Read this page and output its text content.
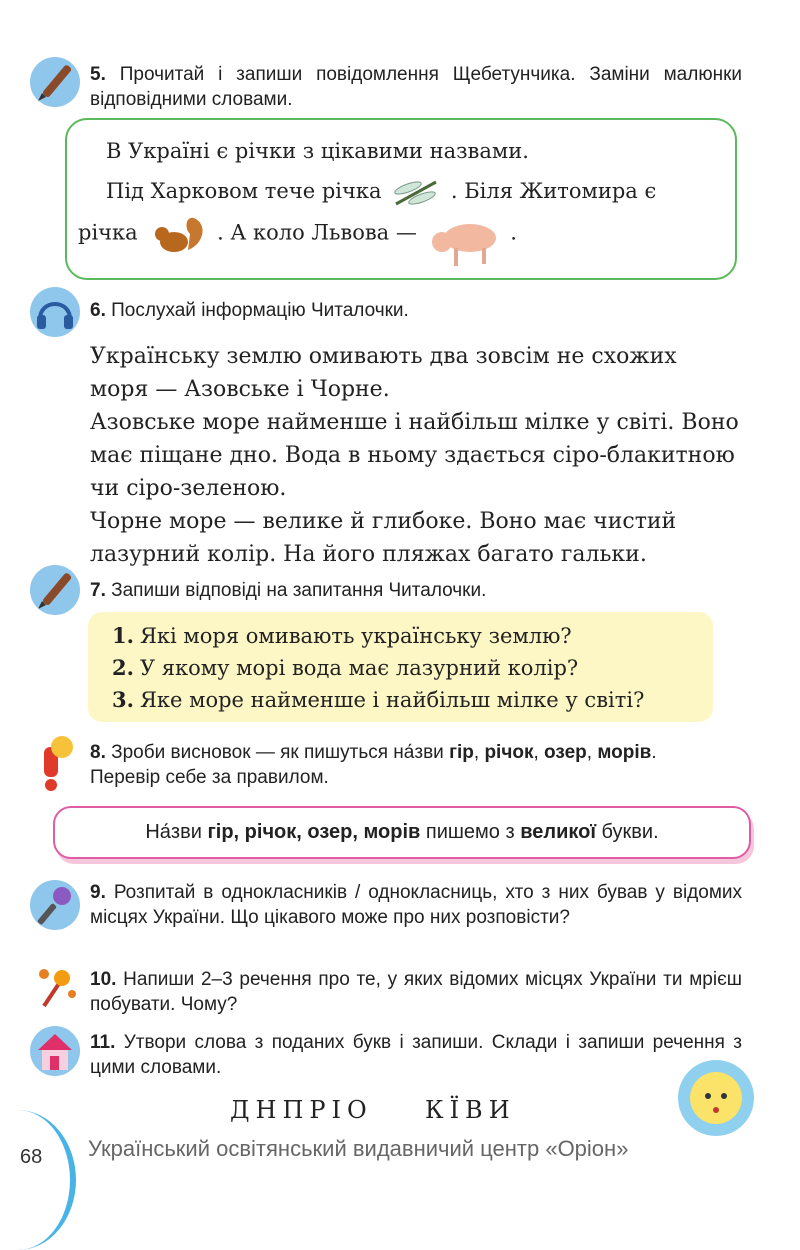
5. Прочитай і запиши повідомлення Щебетунчика. Заміни малюнки відповідними словами.
В Україні є річки з цікавими назвами.
Під Харковом тече річка	. Біля Житомира є
річка	. А коло Львова —	.
6. Послухай інформацію Читалочки.
Українську землю омивають два зовсім не схожих моря — Азовське і Чорне.
Азовське море найменше і найбільш мілке у світі. Воно має піщане дно. Вода в ньому здається сіро-блакитною чи сіро-зеленою.
Чорне море — велике й глибоке. Воно має чистий лазурний колір. На його пляжах багато гальки.
7. Запиши відповіді на запитання Читалочки.
1. Які моря омивають українську землю?
2. У якому морі вода має лазурний колір?
3. Яке море найменше і найбільш мілке у світі?
8. Зроби висновок — як пишуться на́зви гір, річок, озер, морів.
Перевір себе за правилом.
На́зви гір, річок, озер, морів пишемо з великої букви.
9. Розпитай в однокласників / однокласниць, хто з них бував у відомих місцях України. Що цікавого може про них розповісти?
10. Напиши 2–3 речення про те, у яких відомих місцях України ти мрієш побувати. Чому?
11. Утвори слова з поданих букв і запиши. Склади і запиши речення з цими словами.
ДНПРІО КЇВИ
68 Український освітянський видавничий центр «Оріон»
